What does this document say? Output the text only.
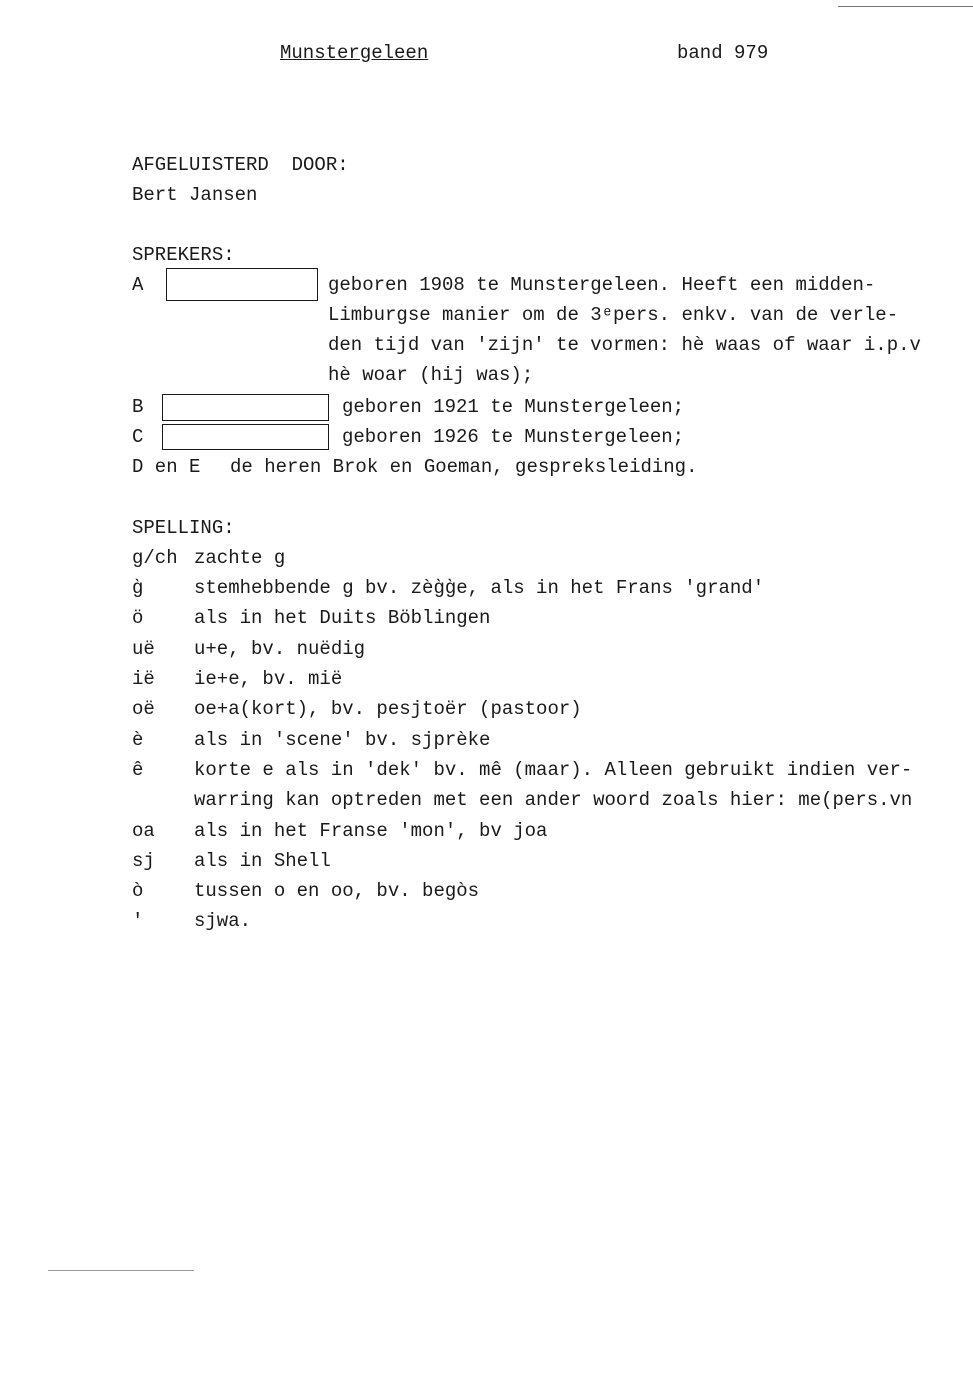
Munstergeleen	band 979
AFGELUISTERD  DOOR:
Bert Jansen
SPREKERS:
A	geboren 1908 te Munstergeleen. Heeft een midden-
Limburgse manier om de 3ᵉpers. enkv. van de verle-
den tijd van 'zijn' te vormen: hè waas of waar i.p.v
hè woar (hij was);
B	geboren 1921 te Munstergeleen;
C	geboren 1926 te Munstergeleen;
D en E de heren Brok en Goeman, gespreksleiding.
SPELLING:
g/ch zachte g
g̀	stemhebbende g bv. zèg̀g̀e, als in het Frans 'grand'
ö	als in het Duits Böblingen
uë u+e, bv. nuëdig
ië ie+e, bv. mië
oë oe+a(kort), bv. pesjtoër (pastoor)
è	als in 'scene' bv. sjprèke
ê	korte e als in 'dek' bv. mê (maar). Alleen gebruikt indien ver-
warring kan optreden met een ander woord zoals hier: me(pers.vn
oa als in het Franse 'mon', bv joa
sj als in Shell
ò	tussen o en oo, bv. begòs
'	sjwa.
